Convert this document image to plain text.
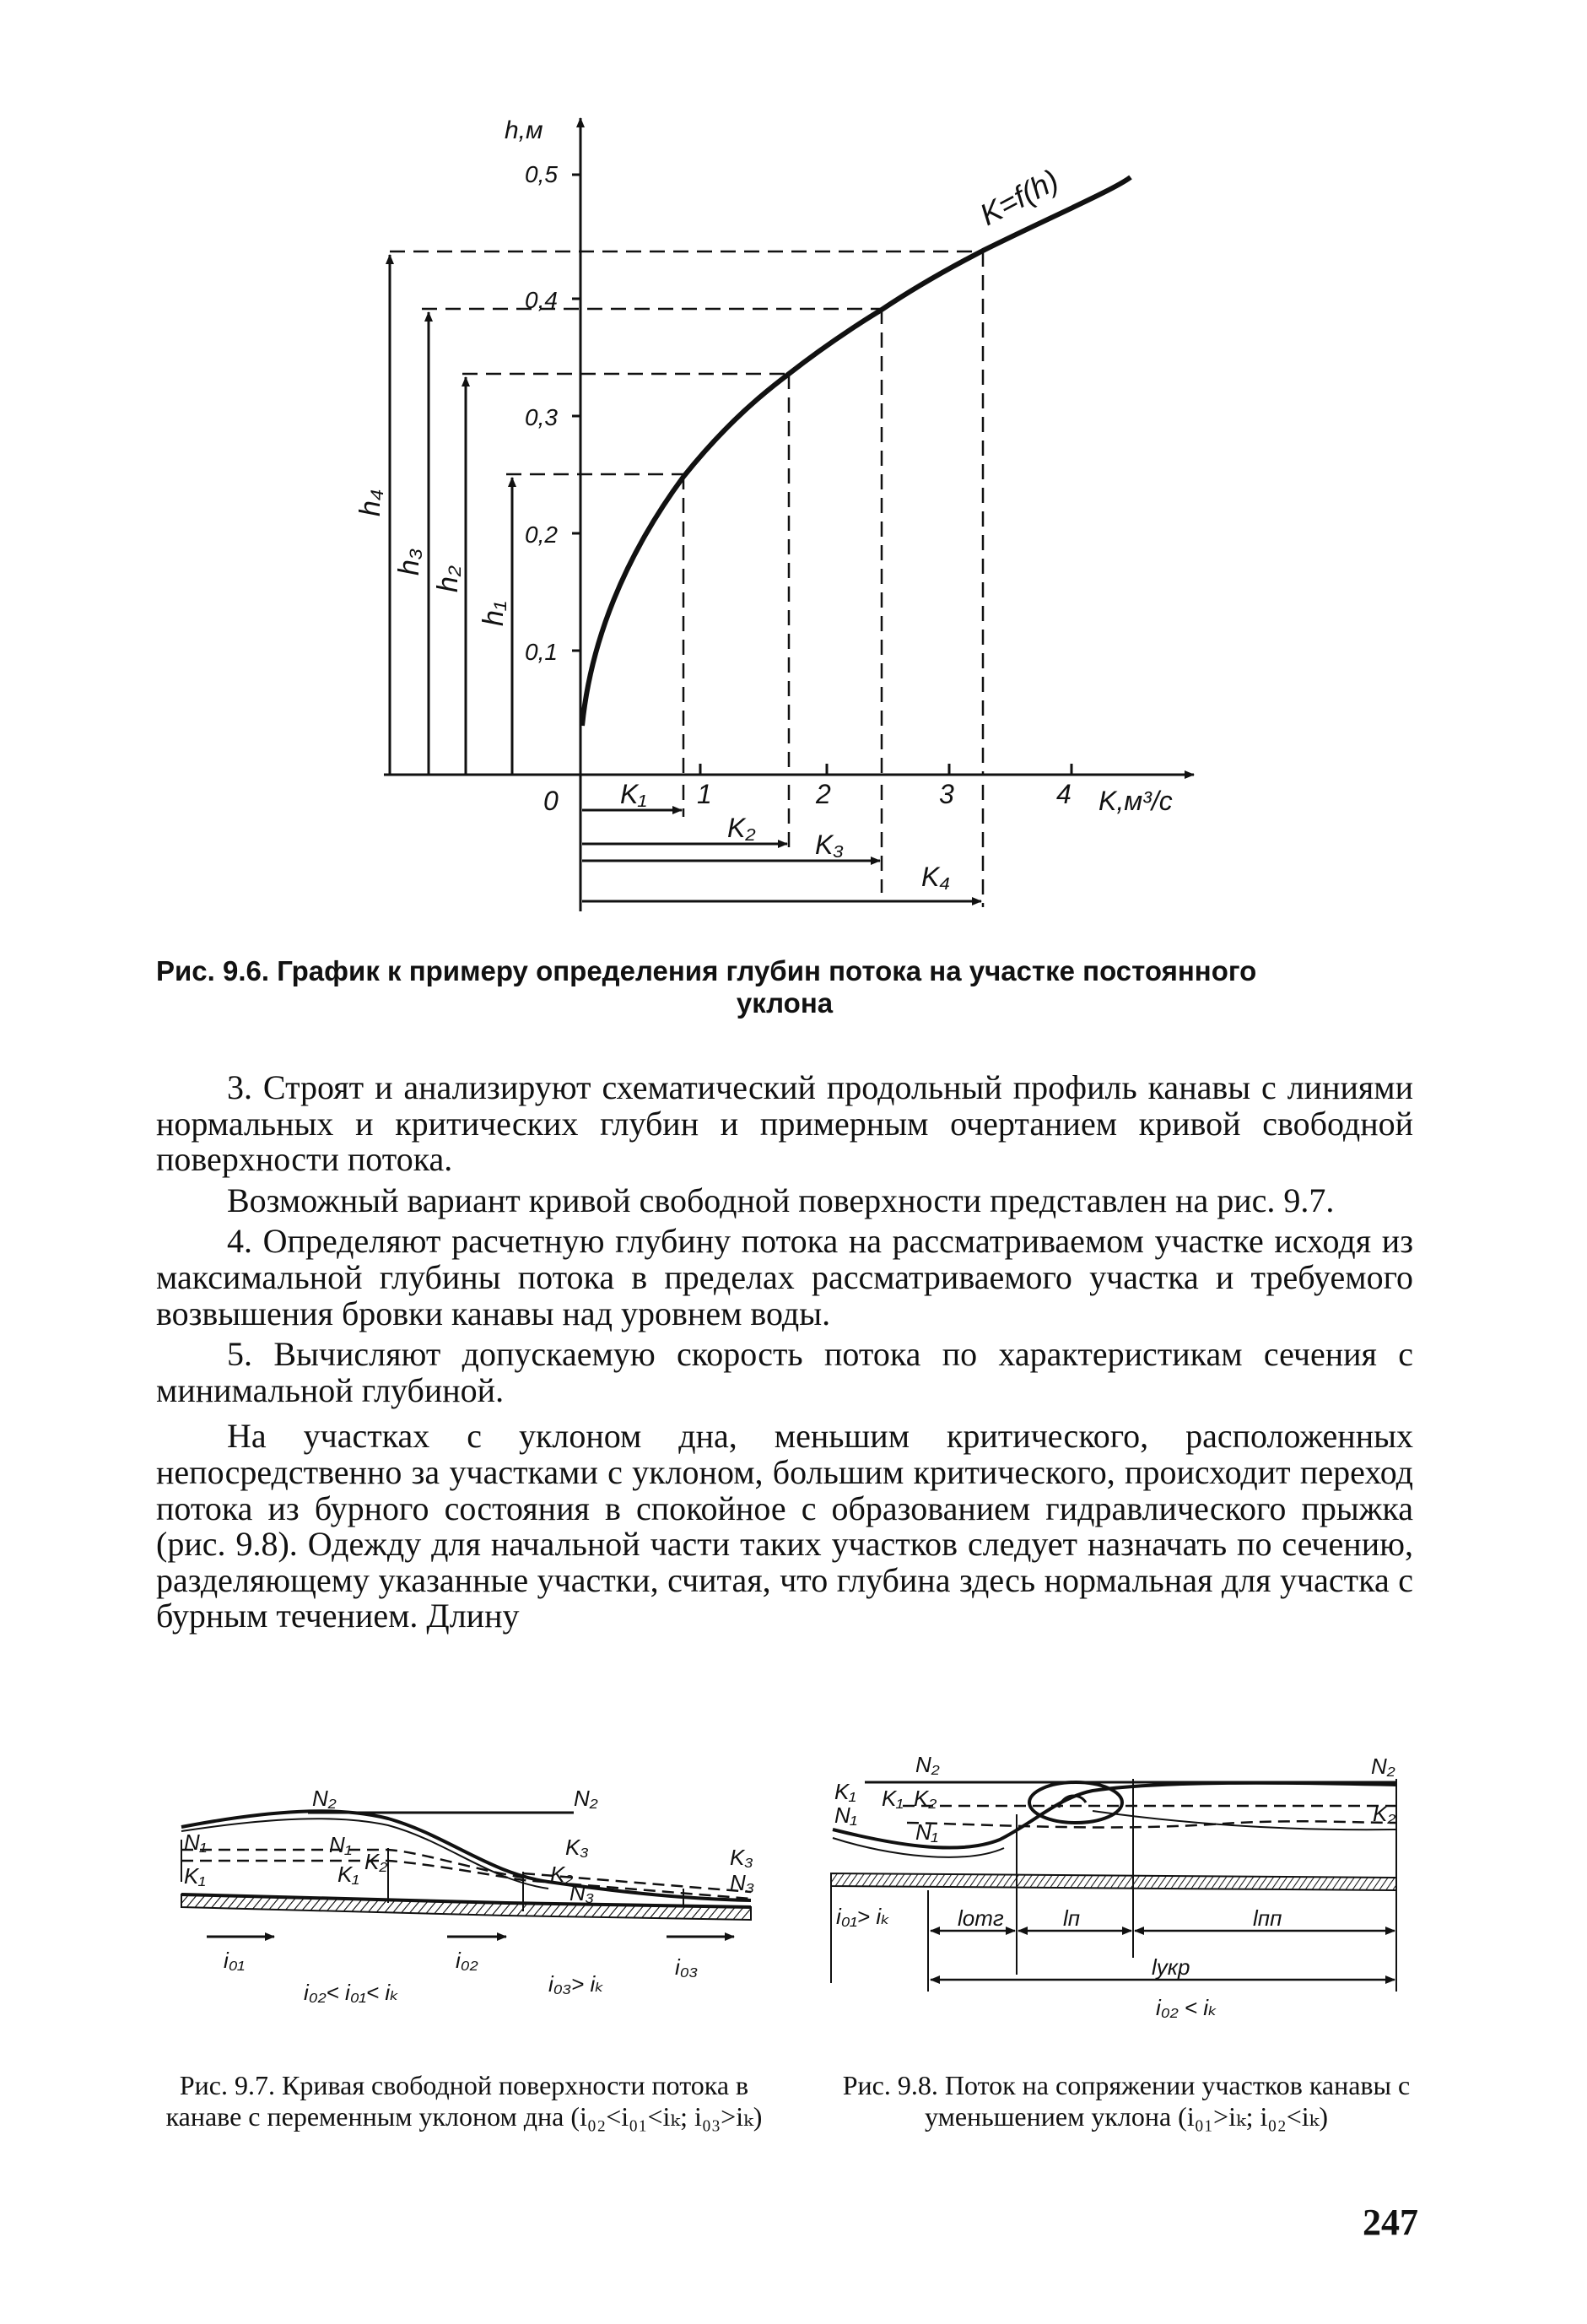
0,1
0,2
0,3
0,4
0,5
h,м
0	1	2	3	4 K,м³/с
K=f(h)
h₄
h₃
h₂
h₁
K₁
K₂
K₃
K₄
Рис. 9.6. График к примеру определения глубин потока на участке постоянного
уклона

3. Строят и анализируют схематический продольный профиль канавы с линиями нормальных и критических глубин и примерным очертанием кривой свободной поверхности потока.

Возможный вариант кривой свободной поверхности представлен на рис. 9.7.

4. Определяют расчетную глубину потока на рассматриваемом участке исходя из максимальной глубины потока в пределах рассматриваемого участка и требуемого возвышения бровки канавы над уровнем воды.

5. Вычисляют допускаемую скорость потока по характеристикам сечения с минимальной глубиной.

На участках с уклоном дна, меньшим критического, расположенных непосредственно за участками с уклоном, большим критического, происходит переход потока из бурного состояния в спокойное с образованием гидравлического прыжка (рис. 9.8). Одежду для начальной части таких участков следует назначать по сечению, разделяющему указанные участки, считая, что глубина здесь нормальная для участка с бурным течением. Длину

N₂	N₂
N₁
K₁
N₁
K₁ K₂
K₃
K₂
N₃
K₃
N₃
i₀₁	i₀₂	i₀₃
i₀₂< i₀₁< iₖ	i₀₃> iₖ
Рис. 9.7. Кривая свободной поверхности потока в канаве с переменным уклоном дна (i₀₂<i₀₁<iₖ; i₀₃>iₖ)
N₂	N₂
K₁ K₁ K₂
N₁
N₁
K₂
i₀₁> iₖ	lотг	lп	lпп
lукр
i₀₂ < iₖ
Рис. 9.8. Поток на сопряжении участков канавы с уменьшением уклона (i₀₁>iₖ; i₀₂<iₖ)
247
